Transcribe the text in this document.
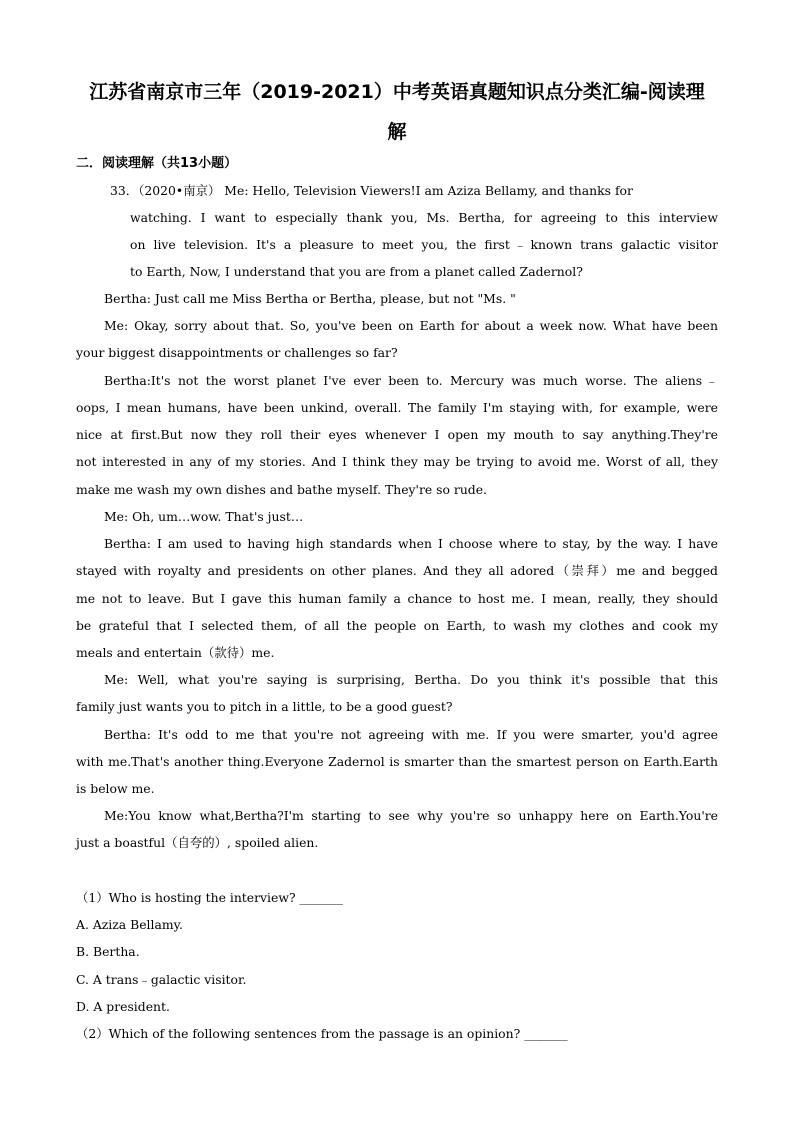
江苏省南京市三年（2019-2021）中考英语真题知识点分类汇编-阅读理
解
二．阅读理解（共13小题）
33．（2020•南京） Me: Hello, Television Viewers!I am Aziza Bellamy, and thanks for
watching. I want to especially thank you, Ms. Bertha, for agreeing to this interview
on live television. It's a pleasure to meet you, the first﹣known trans galactic visitor
to Earth, Now, I understand that you are from a planet called Zadernol?
Bertha: Just call me Miss Bertha or Bertha, please, but not "Ms. "
Me: Okay, sorry about that. So, you've been on Earth for about a week now. What have been
your biggest disappointments or challenges so far?
Bertha:It's not the worst planet I've ever been to. Mercury was much worse. The aliens﹣
oops, I mean humans, have been unkind, overall. The family I'm staying with, for example, were
nice at first.But now they roll their eyes whenever I open my mouth to say anything.They're
not interested in any of my stories. And I think they may be trying to avoid me. Worst of all, they
make me wash my own dishes and bathe myself. They're so rude.
Me: Oh, um…wow. That's just…
Bertha: I am used to having high standards when I choose where to stay, by the way. I have
stayed with royalty and presidents on other planes. And they all adored（崇拜）me and begged
me not to leave. But I gave this human family a chance to host me. I mean, really, they should
be grateful that I selected them, of all the people on Earth, to wash my clothes and cook my
meals and entertain（款待）me.
Me: Well, what you're saying is surprising, Bertha. Do you think it's possible that this
family just wants you to pitch in a little, to be a good guest?
Bertha: It's odd to me that you're not agreeing with me. If you were smarter, you'd agree
with me.That's another thing.Everyone Zadernol is smarter than the smartest person on Earth.Earth
is below me.
Me:You know what,Bertha?I'm starting to see why you're so unhappy here on Earth.You're
just a boastful（自夸的）, spoiled alien.
（1）Who is hosting the interview? _______
A. Aziza Bellamy.
B. Bertha.
C. A trans﹣galactic visitor.
D. A president.
（2）Which of the following sentences from the passage is an opinion? _______
